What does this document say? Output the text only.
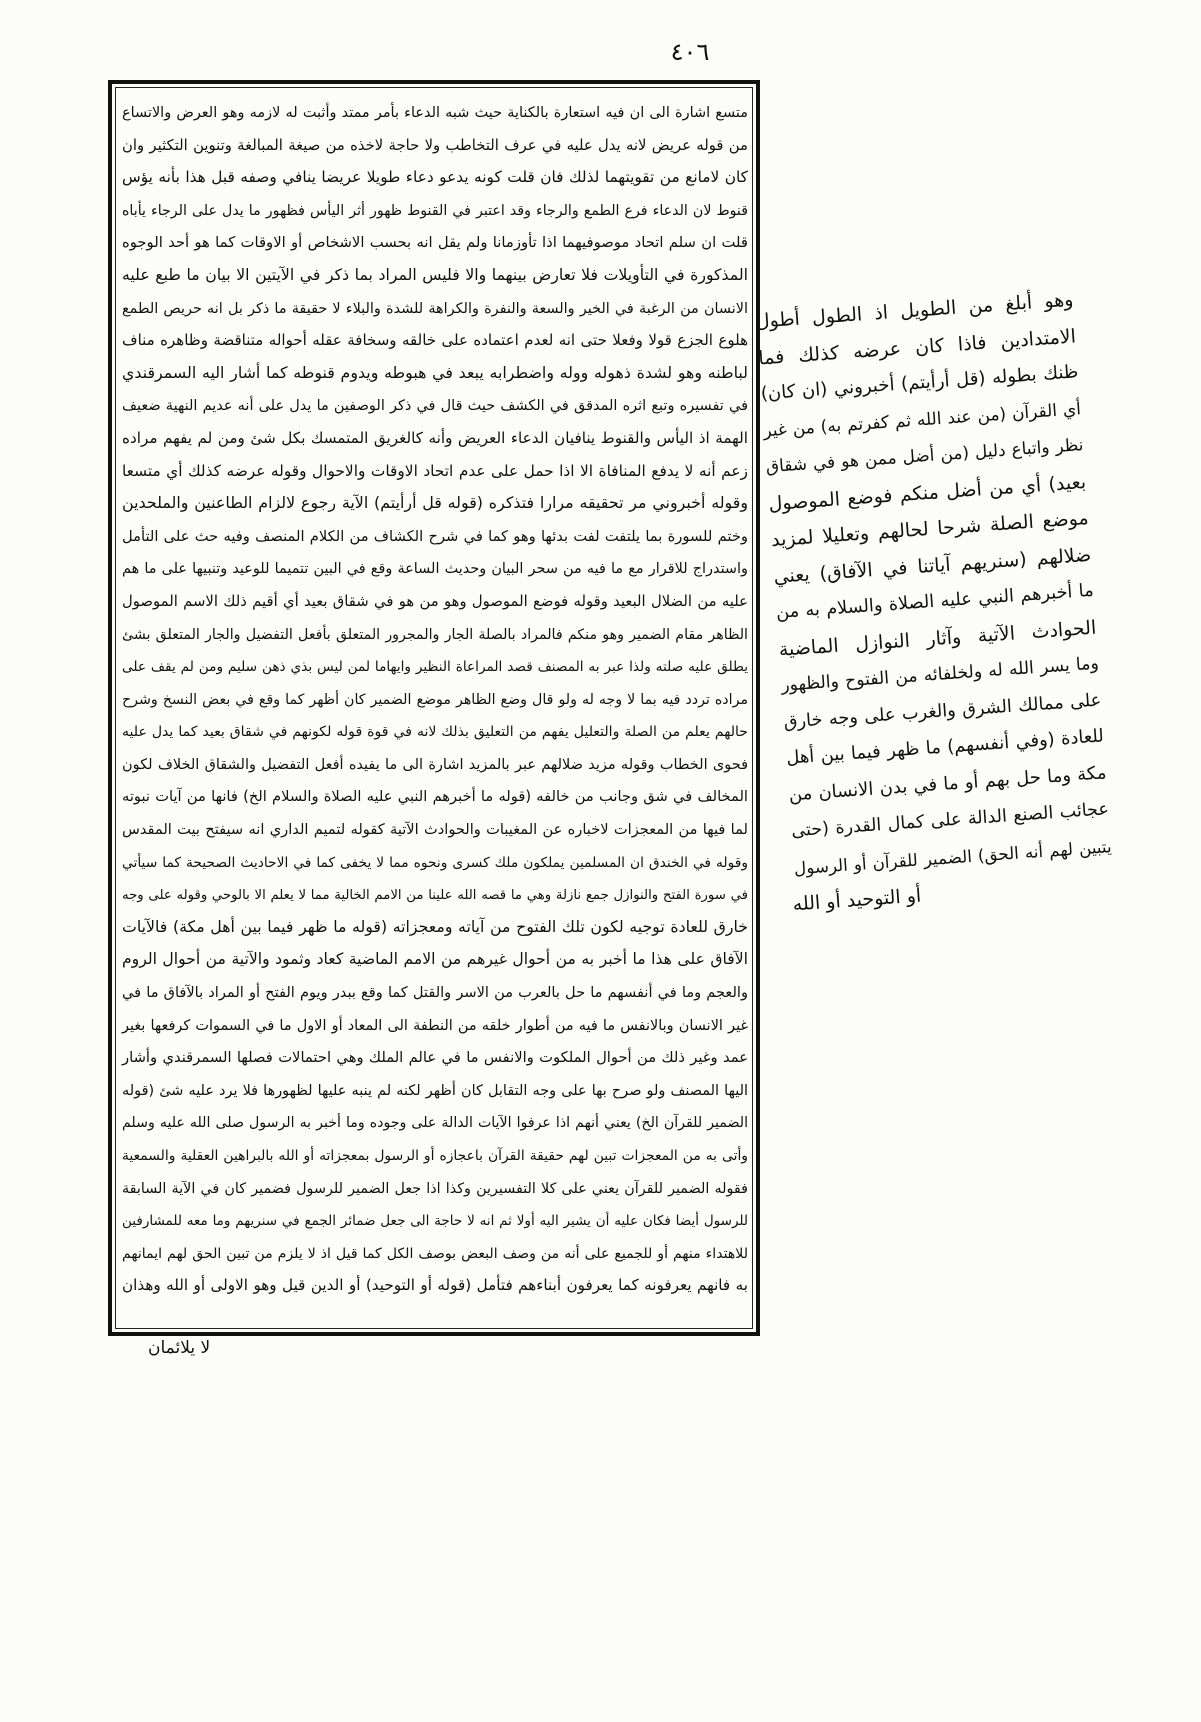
٤٠٦
متسع اشارة الى ان فيه استعارة بالكناية حيث شبه الدعاء بأمر ممتد وأثبت له لازمه وهو العرض والاتساع
من قوله عريض لانه يدل عليه في عرف التخاطب ولا حاجة لاخذه من صيغة المبالغة وتنوين التكثير وان
كان لامانع من تقويتهما لذلك فان قلت كونه يدعو دعاء طويلا عريضا ينافي وصفه قبل هذا بأنه يؤس
قنوط لان الدعاء فرع الطمع والرجاء وقد اعتبر في القنوط ظهور أثر اليأس فظهور ما يدل على الرجاء يأباه
قلت ان سلم اتحاد موصوفيهما اذا تأوزمانا ولم يقل انه بحسب الاشخاص أو الاوقات كما هو أحد الوجوه
المذكورة في التأويلات فلا تعارض بينهما والا فليس المراد بما ذكر في الآيتين الا بيان ما طبع عليه
الانسان من الرغبة في الخير والسعة والنفرة والكراهة للشدة والبلاء لا حقيقة ما ذكر بل انه حريص الطمع
هلوع الجزع قولا وفعلا حتى انه لعدم اعتماده على خالقه وسخافة عقله أحواله متناقضة وظاهره مناف
لباطنه وهو لشدة ذهوله ووله واضطرابه يبعد في هبوطه ويدوم قنوطه كما أشار اليه السمرقندي
في تفسيره وتبع اثره المدقق في الكشف حيث قال في ذكر الوصفين ما يدل على أنه عديم النهية ضعيف
الهمة اذ اليأس والقنوط ينافيان الدعاء العريض وأنه كالغريق المتمسك بكل شئ ومن لم يفهم مراده
زعم أنه لا يدفع المنافاة الا اذا حمل على عدم اتحاد الاوقات والاحوال وقوله عرضه كذلك أي متسعا
وقوله أخبروني مر تحقيقه مرارا فتذكره (قوله قل أرأيتم) الآية رجوع لالزام الطاعنين والملحدين
وختم للسورة بما يلتفت لفت بدئها وهو كما في شرح الكشاف من الكلام المنصف وفيه حث على التأمل
واستدراج للاقرار مع ما فيه من سحر البيان وحديث الساعة وقع في البين تتميما للوعيد وتنبيها على ما هم
عليه من الضلال البعيد وقوله فوضع الموصول وهو من هو في شقاق بعيد أي أقيم ذلك الاسم الموصول
الظاهر مقام الضمير وهو منكم فالمراد بالصلة الجار والمجرور المتعلق بأفعل التفضيل والجار المتعلق بشئ
يطلق عليه صلته ولذا عبر به المصنف قصد المراعاة النظير وايهاما لمن ليس بذي ذهن سليم ومن لم يقف على
مراده تردد فيه بما لا وجه له ولو قال وضع الظاهر موضع الضمير كان أظهر كما وقع في بعض النسخ وشرح
حالهم يعلم من الصلة والتعليل يفهم من التعليق بذلك لانه في قوة قوله لكونهم في شقاق بعيد كما يدل عليه
فحوى الخطاب وقوله مزيد ضلالهم عبر بالمزيد اشارة الى ما يفيده أفعل التفضيل والشقاق الخلاف لكون
المخالف في شق وجانب من خالفه (قوله ما أخبرهم النبي عليه الصلاة والسلام الخ) فانها من آيات نبوته
لما فيها من المعجزات لاخباره عن المغيبات والحوادث الآتية كقوله لتميم الداري انه سيفتح بيت المقدس
وقوله في الخندق ان المسلمين يملكون ملك كسرى ونحوه مما لا يخفى كما في الاحاديث الصحيحة كما سيأتي
في سورة الفتح والنوازل جمع نازلة وهي ما قصه الله علينا من الامم الخالية مما لا يعلم الا بالوحي وقوله على وجه
خارق للعادة توجيه لكون تلك الفتوح من آياته ومعجزاته (قوله ما ظهر فيما بين أهل مكة) فالآيات
الآفاق على هذا ما أخبر به من أحوال غيرهم من الامم الماضية كعاد وثمود والآتية من أحوال الروم
والعجم وما في أنفسهم ما حل بالعرب من الاسر والقتل كما وقع ببدر ويوم الفتح أو المراد بالآفاق ما في
غير الانسان وبالانفس ما فيه من أطوار خلقه من النطفة الى المعاد أو الاول ما في السموات كرفعها بغير
عمد وغير ذلك من أحوال الملكوت والانفس ما في عالم الملك وهي احتمالات فصلها السمرقندي وأشار
اليها المصنف ولو صرح بها على وجه التقابل كان أظهر لكنه لم ينبه عليها لظهورها فلا يرد عليه شئ (قوله
الضمير للقرآن الخ) يعني أنهم اذا عرفوا الآيات الدالة على وجوده وما أخبر به الرسول صلى الله عليه وسلم
وأتى به من المعجزات تبين لهم حقيقة القرآن باعجازه أو الرسول بمعجزاته أو الله بالبراهين العقلية والسمعية
فقوله الضمير للقرآن يعني على كلا التفسيرين وكذا اذا جعل الضمير للرسول فضمير كان في الآية السابقة
للرسول أيضا فكان عليه أن يشير اليه أولا ثم انه لا حاجة الى جعل ضمائر الجمع في سنريهم وما معه للمشارفين
للاهتداء منهم أو للجميع على أنه من وصف البعض بوصف الكل كما قيل اذ لا يلزم من تبين الحق لهم ايمانهم
به فانهم يعرفونه كما يعرفون أبناءهم فتأمل (قوله أو التوحيد) أو الدين قيل وهو الاولى أو الله وهذان
وهو أبلغ من الطويل اذ الطول أطول
الامتدادين فاذا كان عرضه كذلك فما
ظنك بطوله (قل أرأيتم) أخبروني (ان كان)
أي القرآن (من عند الله ثم كفرتم به) من غير
نظر واتباع دليل (من أضل ممن هو في شقاق
بعيد) أي من أضل منكم فوضع الموصول
موضع الصلة شرحا لحالهم وتعليلا لمزيد
ضلالهم (سنريهم آياتنا في الآفاق) يعني
ما أخبرهم النبي عليه الصلاة والسلام به من
الحوادث الآتية وآثار النوازل الماضية
وما يسر الله له ولخلفائه من الفتوح والظهور
على ممالك الشرق والغرب على وجه خارق
للعادة (وفي أنفسهم) ما ظهر فيما بين أهل
مكة وما حل بهم أو ما في بدن الانسان من
عجائب الصنع الدالة على كمال القدرة (حتى
يتبين لهم أنه الحق) الضمير للقرآن أو الرسول
أو التوحيد أو الله
لا يلائمان
